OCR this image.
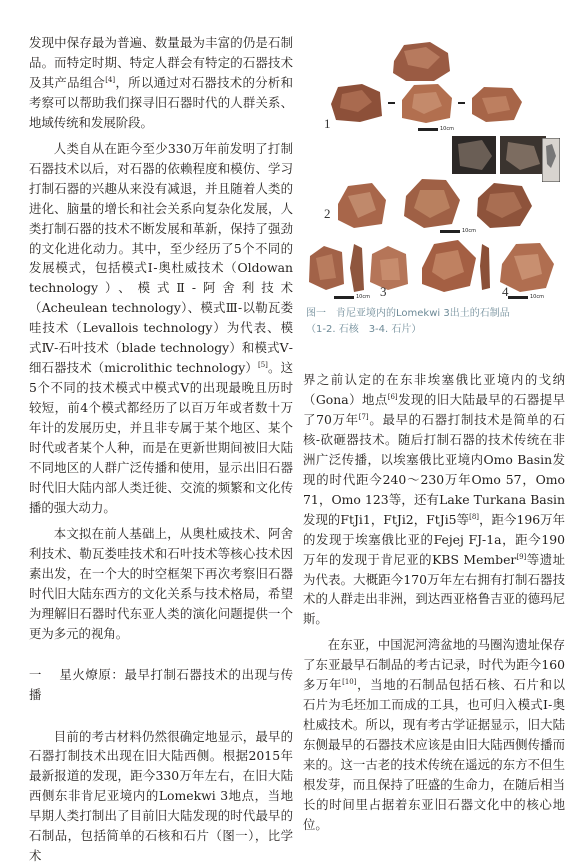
发现中保存最为普遍、数量最为丰富的仍是石制品。而特定时期、特定人群会有特定的石器技术及其产品组合[4]，所以通过对石器技术的分析和考察可以帮助我们探寻旧石器时代的人群关系、地域传统和发展阶段。

人类自从在距今至少330万年前发明了打制石器技术以后，对石器的依赖程度和模仿、学习打制石器的兴趣从来没有减退，并且随着人类的进化、脑量的增长和社会关系向复杂化发展，人类打制石器的技术不断发展和革新，保持了强劲的文化进化动力。其中，至少经历了5个不同的发展模式，包括模式Ⅰ-奥杜威技术（Oldowan technology）、模式Ⅱ-阿舍利技术（Acheulean technology）、模式Ⅲ-以勒瓦娄哇技术（Levallois technology）为代表、模式Ⅳ-石叶技术（blade technology）和模式Ⅴ-细石器技术（microlithic technology）[5]。这5个不同的技术模式中模式Ⅴ的出现最晚且历时较短，前4个模式都经历了以百万年或者数十万年计的发展历史，并且非专属于某个地区、某个时代或者某个人种，而是在更新世期间被旧大陆不同地区的人群广泛传播和使用，显示出旧石器时代旧大陆内部人类迁徙、交流的频繁和文化传播的强大动力。

本文拟在前人基础上，从奥杜威技术、阿舍利技术、勒瓦娄哇技术和石叶技术等核心技术因素出发，在一个大的时空框架下再次考察旧石器时代旧大陆东西方的文化关系与技术格局，希望为理解旧石器时代东亚人类的演化问题提供一个更为多元的视角。

一 星火燎原：最早打制石器技术的出现与传播

目前的考古材料仍然很确定地显示，最早的石器打制技术出现在旧大陆西侧。根据2015年最新报道的发现，距今330万年左右，在旧大陆西侧东非肯尼亚境内的Lomekwi 3地点，当地早期人类打制出了目前旧大陆发现的时代最早的石制品，包括简单的石核和石片（图一），比学术

1	10cm
2
10cm
3	4
10cm	10cm
图一　肯尼亚境内的Lomekwi 3出土的石制品
（1-2. 石核　3-4. 石片）

界之前认定的在东非埃塞俄比亚境内的戈纳（Gona）地点[6]发现的旧大陆最早的石器提早了70万年[7]。最早的石器打制技术是简单的石核-砍砸器技术。随后打制石器的技术传统在非洲广泛传播，以埃塞俄比亚境内Omo Basin发现的时代距今240～230万年Omo 57，Omo 71，Omo 123等，还有Lake Turkana Basin发现的FtJi1，FtJi2，FtJi5等[8]，距今196万年的发现于埃塞俄比亚的Fejej FJ-1a，距今190万年的发现于肯尼亚的KBS Member[9]等遗址为代表。大概距今170万年左右拥有打制石器技术的人群走出非洲，到达西亚格鲁吉亚的德玛尼斯。

在东亚，中国泥河湾盆地的马圈沟遗址保存了东亚最早石制品的考古记录，时代为距今160多万年[10]，当地的石制品包括石核、石片和以石片为毛坯加工而成的工具，也可归入模式Ⅰ-奥杜威技术。所以，现有考古学证据显示，旧大陆东侧最早的石器技术应该是由旧大陆西侧传播而来的。这一古老的技术传统在遥远的东方不但生根发芽，而且保持了旺盛的生命力，在随后相当长的时间里占据着东亚旧石器文化中的核心地位。
